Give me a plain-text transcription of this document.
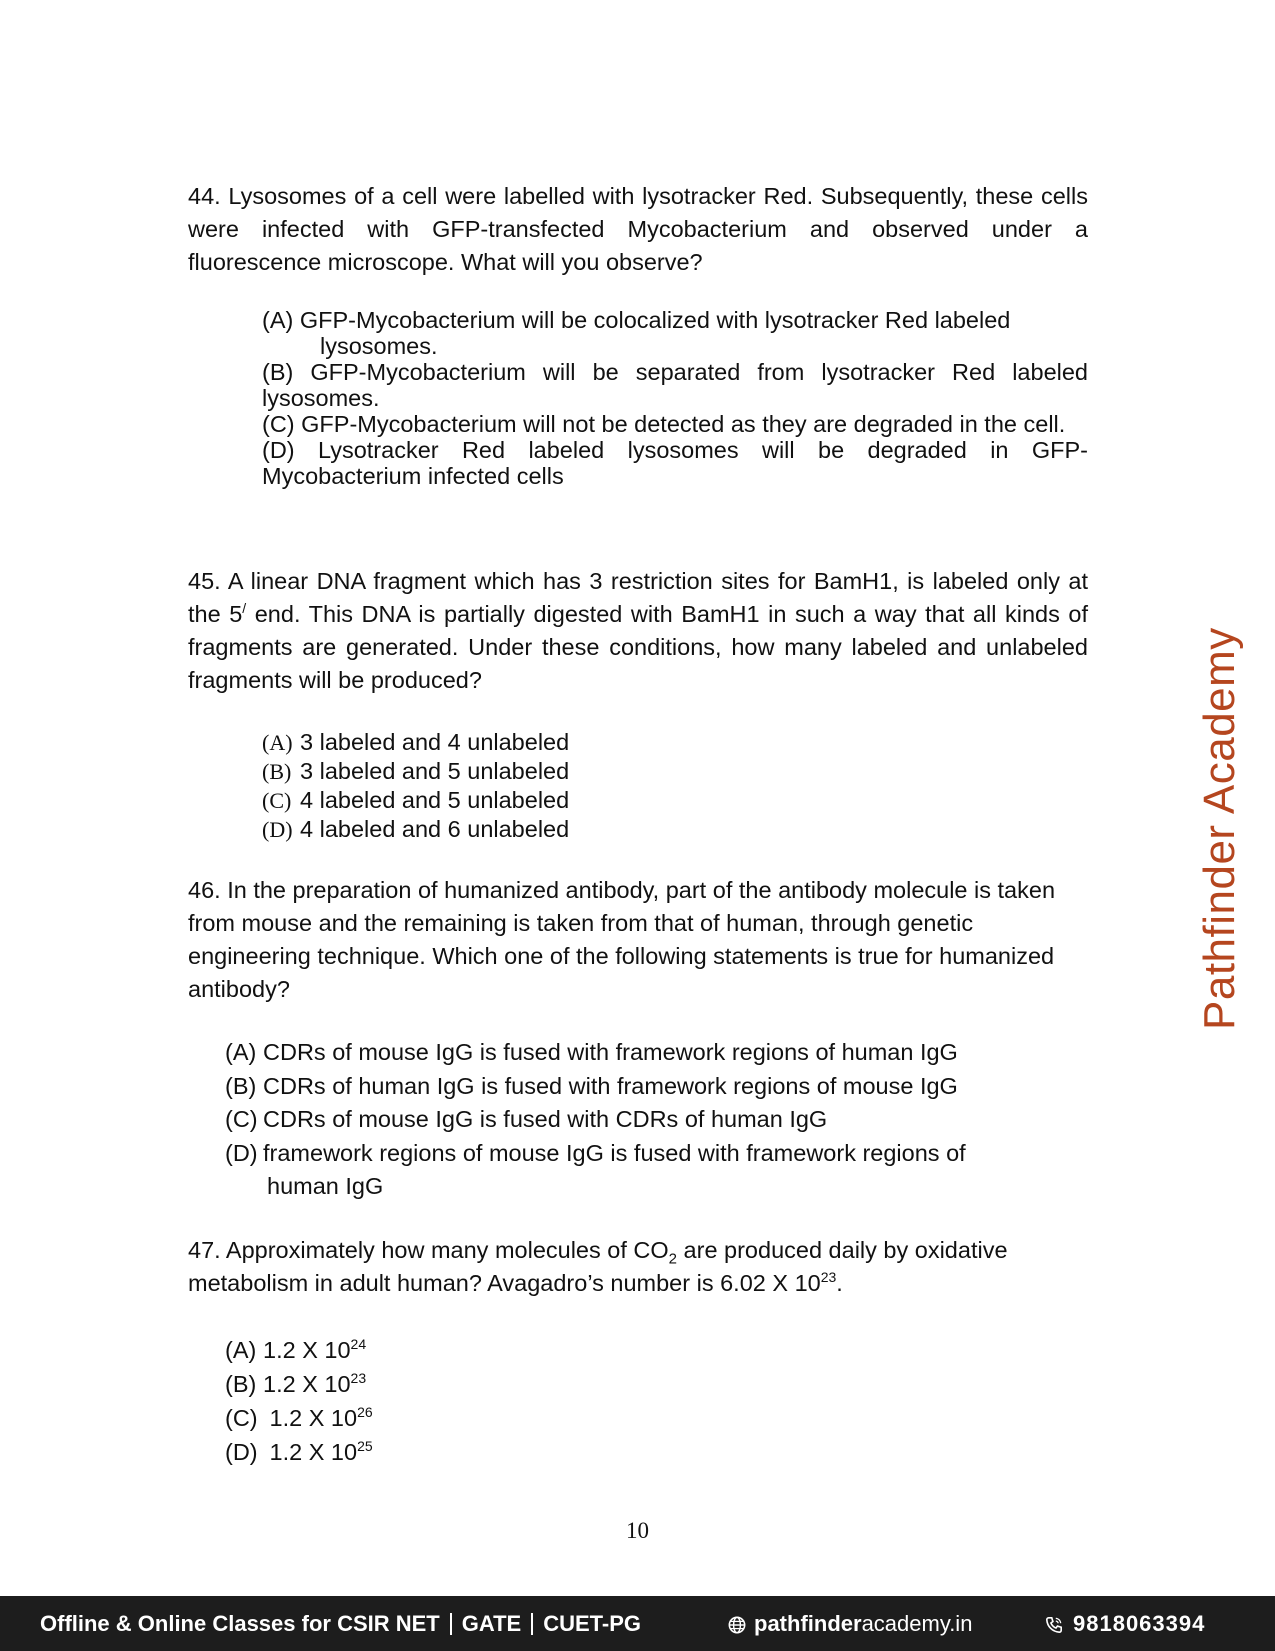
44. Lysosomes of a cell were labelled with lysotracker Red. Subsequently, these cells were infected with GFP-transfected Mycobacterium and observed under a fluorescence microscope. What will you observe?

(A) GFP-Mycobacterium will be colocalized with lysotracker Red labeled
lysosomes.
(B) GFP-Mycobacterium will be separated from lysotracker Red labeled lysosomes.
(C) GFP-Mycobacterium will not be detected as they are degraded in the cell.
(D) Lysotracker Red labeled lysosomes will be degraded in GFP-Mycobacterium infected cells

45. A linear DNA fragment which has 3 restriction sites for BamH1, is labeled only at the 5/ end. This DNA is partially digested with BamH1 in such a way that all kinds of fragments are generated. Under these conditions, how many labeled and unlabeled fragments will be produced?

(A) 3 labeled and 4 unlabeled
(B) 3 labeled and 5 unlabeled
(C) 4 labeled and 5 unlabeled
(D) 4 labeled and 6 unlabeled

46. In the preparation of humanized antibody, part of the antibody molecule is taken from mouse and the remaining is taken from that of human, through genetic engineering technique. Which one of the following statements is true for humanized antibody?

(A) CDRs of mouse IgG is fused with framework regions of human IgG
(B) CDRs of human IgG is fused with framework regions of mouse IgG
(C) CDRs of mouse IgG is fused with CDRs of human IgG
(D) framework regions of mouse IgG is fused with framework regions of
human IgG

47. Approximately how many molecules of $CO_2$ are produced daily by oxidative metabolism in adult human? Avagadro’s number is 6.02 X $10^{23}$.

(A) 1.2 X $10^{24}$
(B) 1.2 X $10^{23}$
(C) 1.2 X $10^{26}$
(D) 1.2 X $10^{25}$
Pathfinder Academy
10
Offline & Online Classes for CSIR NET GATE CUET-PG	pathfinderacademy.in	9818063394
